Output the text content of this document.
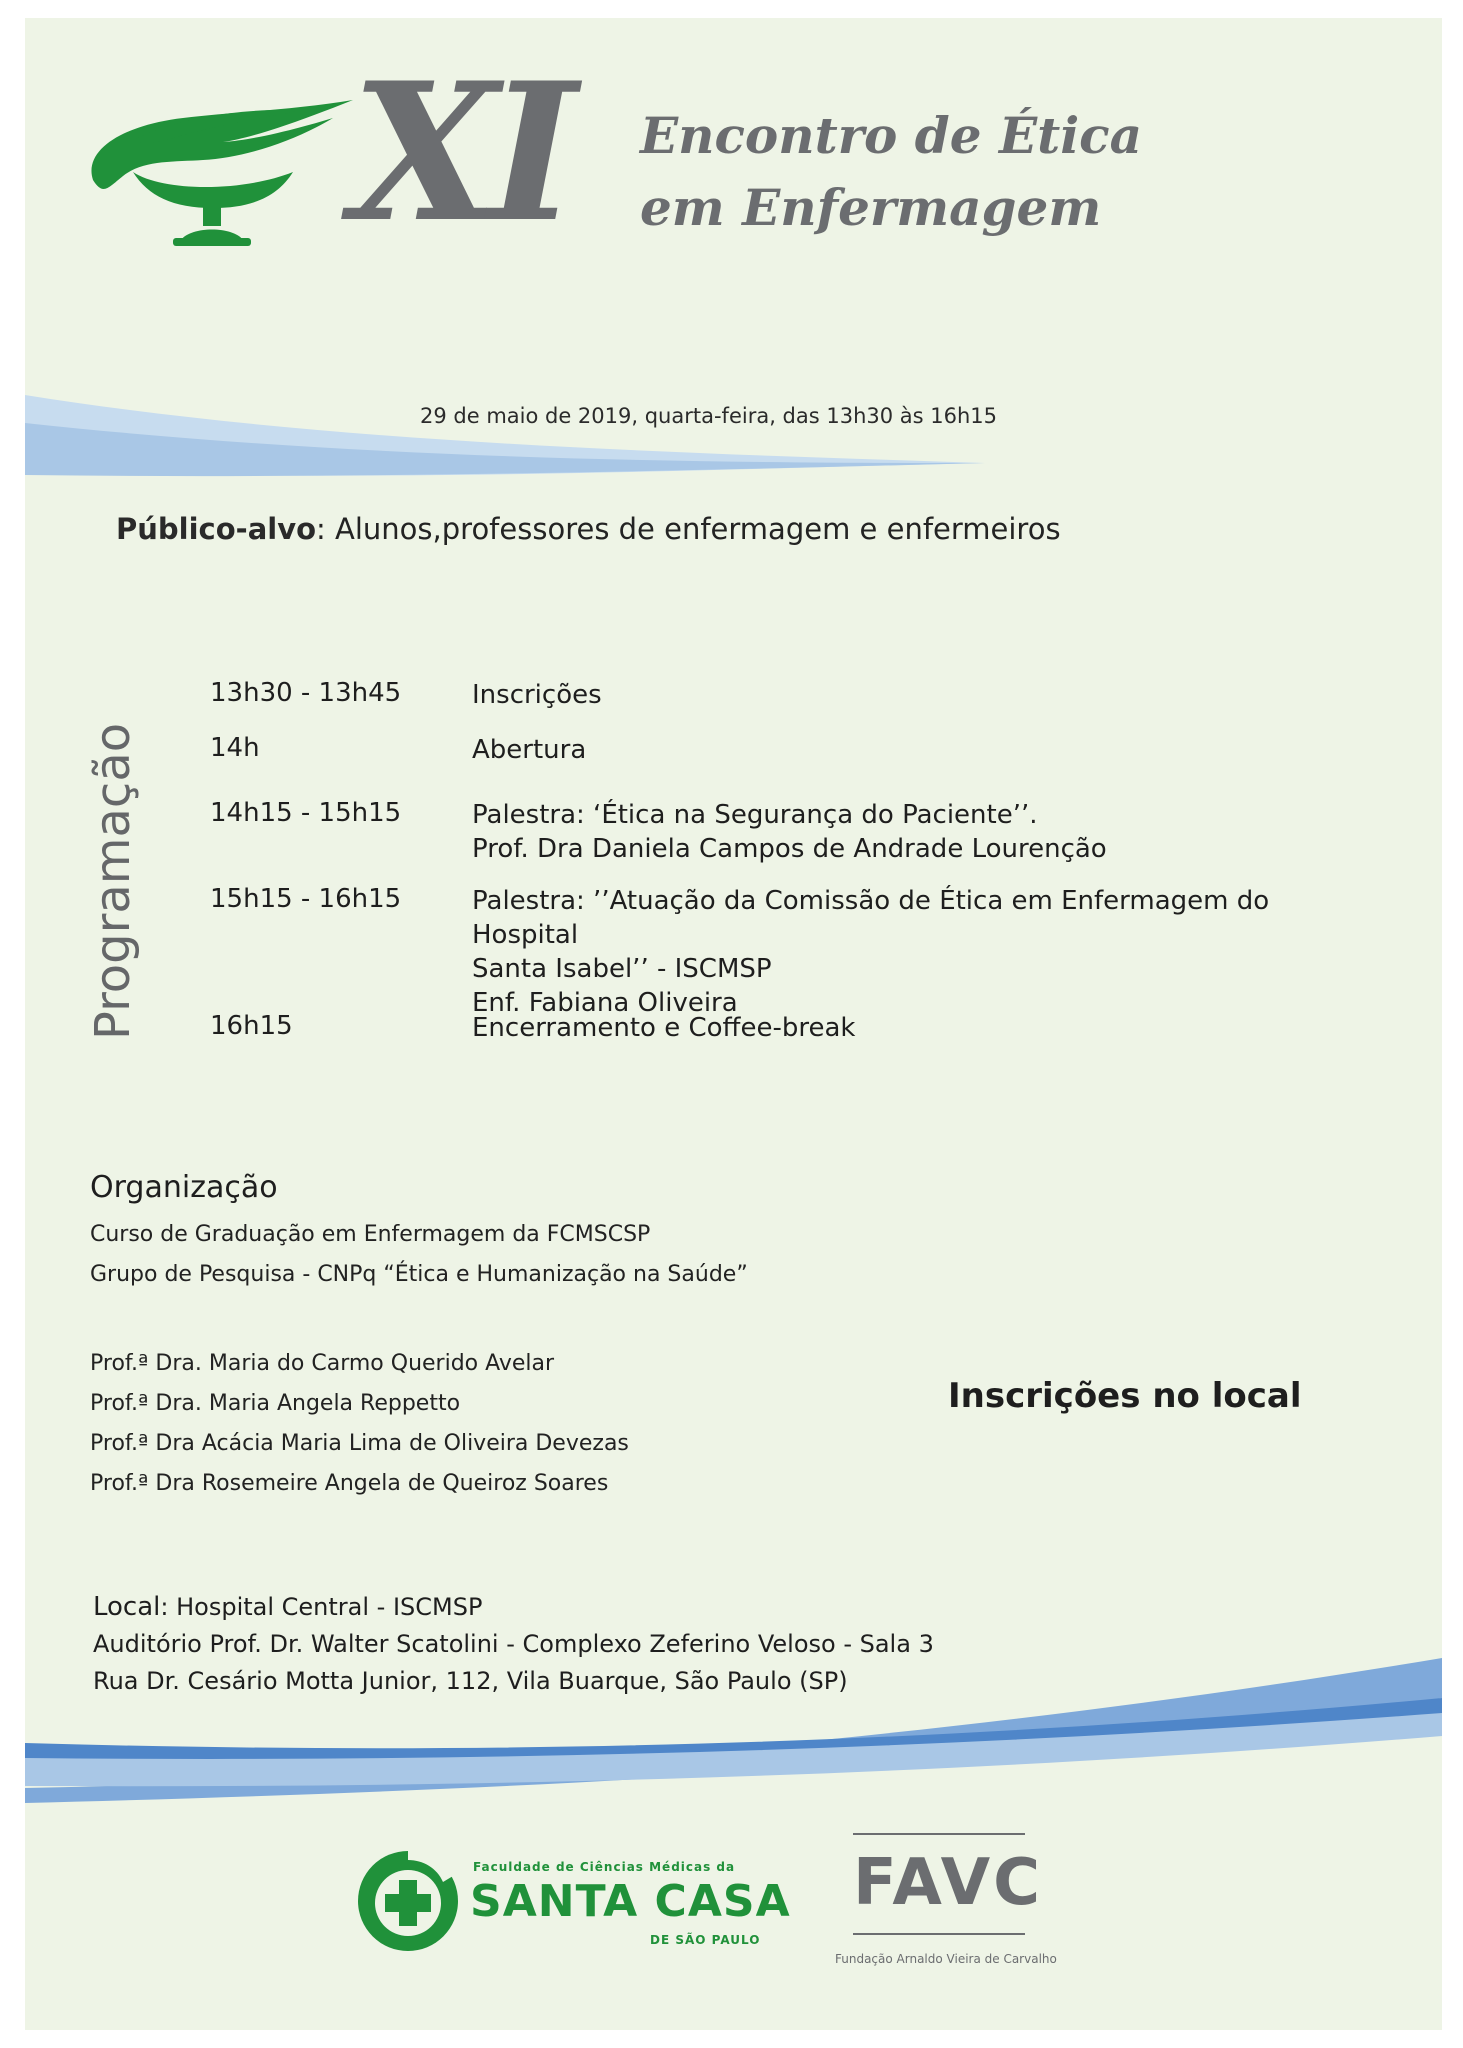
XI Encontro de Ética
em Enfermagem
29 de maio de 2019, quarta-feira, das 13h30 às 16h15
Público-alvo: Alunos,professores de enfermagem e enfermeiros
Programação
13h30 - 13h45	Inscrições
14h	Abertura
14h15 - 15h15	Palestra: ‘Ética na Segurança do Paciente’’.
Prof. Dra Daniela Campos de Andrade Lourenção
15h15 - 16h15	Palestra: ’’Atuação da Comissão de Ética em Enfermagem do Hospital
Santa Isabel’’ - ISCMSP
Enf. Fabiana Oliveira
16h15	Encerramento e Coffee-break
Organização
Curso de Graduação em Enfermagem da FCMSCSP
Grupo de Pesquisa - CNPq “Ética e Humanização na Saúde”
Prof.ª Dra. Maria do Carmo Querido Avelar
Prof.ª Dra. Maria Angela Reppetto
Prof.ª Dra Acácia Maria Lima de Oliveira Devezas
Prof.ª Dra Rosemeire Angela de Queiroz Soares
Inscrições no local
Local: Hospital Central - ISCMSP
Auditório Prof. Dr. Walter Scatolini - Complexo Zeferino Veloso - Sala 3
Rua Dr. Cesário Motta Junior, 112, Vila Buarque, São Paulo (SP)
Faculdade de Ciências Médicas da
SANTA CASA
DE SÃO PAULO
FAVC
Fundação Arnaldo Vieira de Carvalho
